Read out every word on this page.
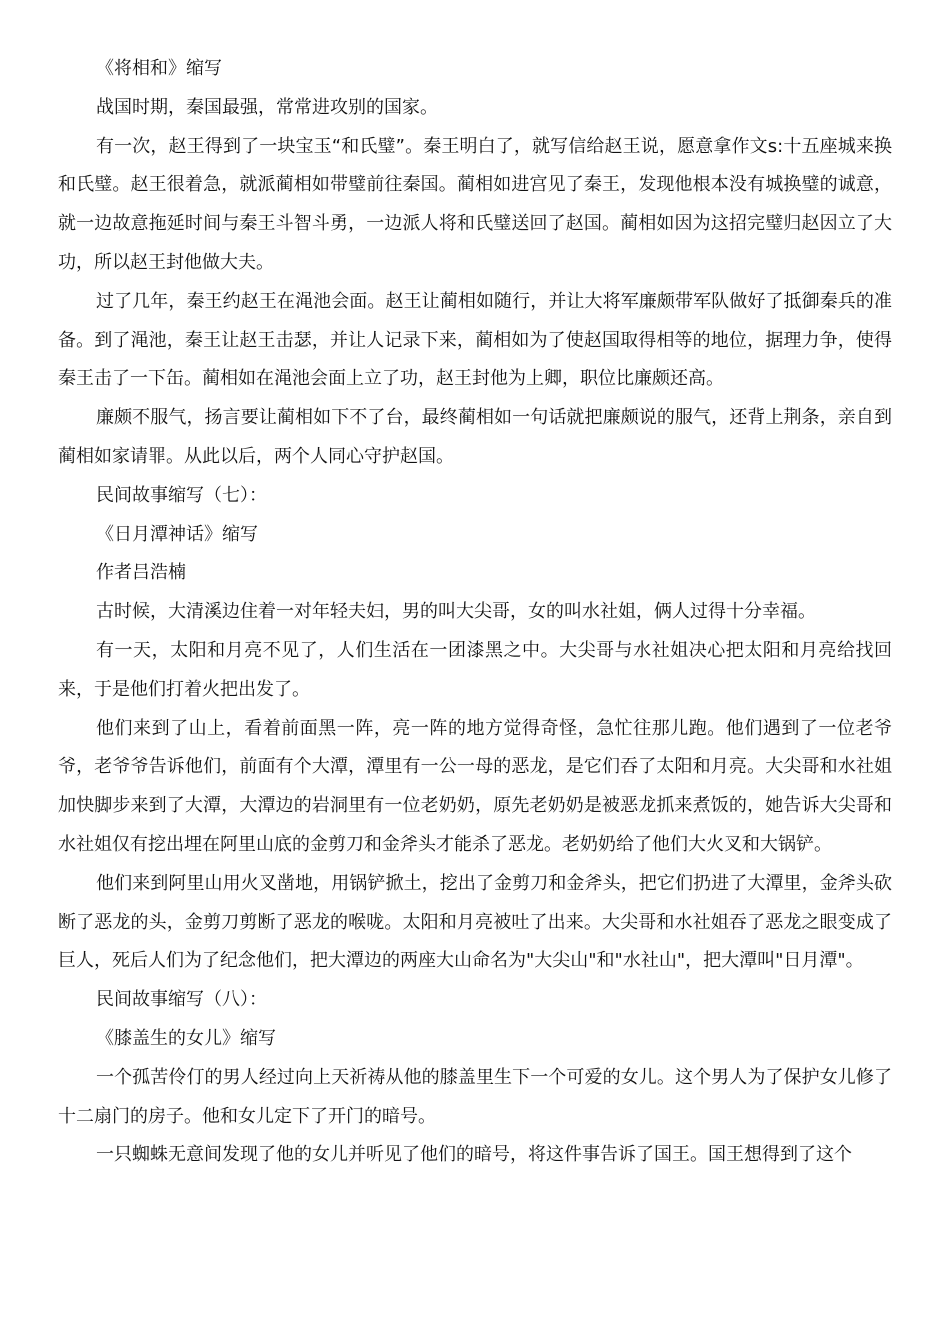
《将相和》缩写

战国时期，秦国最强，常常进攻别的国家。

有一次，赵王得到了一块宝玉“和氏璧”。秦王明白了，就写信给赵王说，愿意拿作文s:十五座城来换和氏璧。赵王很着急，就派蔺相如带璧前往秦国。蔺相如进宫见了秦王，发现他根本没有城换璧的诚意，就一边故意拖延时间与秦王斗智斗勇，一边派人将和氏璧送回了赵国。蔺相如因为这招完璧归赵因立了大功，所以赵王封他做大夫。

过了几年，秦王约赵王在渑池会面。赵王让蔺相如随行，并让大将军廉颇带军队做好了抵御秦兵的准备。到了渑池，秦王让赵王击瑟，并让人记录下来，蔺相如为了使赵国取得相等的地位，据理力争，使得秦王击了一下缶。蔺相如在渑池会面上立了功，赵王封他为上卿，职位比廉颇还高。

廉颇不服气，扬言要让蔺相如下不了台，最终蔺相如一句话就把廉颇说的服气，还背上荆条，亲自到蔺相如家请罪。从此以后，两个人同心守护赵国。

民间故事缩写（七）：

《日月潭神话》缩写

作者吕浩楠

古时候，大清溪边住着一对年轻夫妇，男的叫大尖哥，女的叫水社姐，俩人过得十分幸福。

有一天，太阳和月亮不见了，人们生活在一团漆黑之中。大尖哥与水社姐决心把太阳和月亮给找回来，于是他们打着火把出发了。

他们来到了山上，看着前面黑一阵，亮一阵的地方觉得奇怪，急忙往那儿跑。他们遇到了一位老爷爷，老爷爷告诉他们，前面有个大潭，潭里有一公一母的恶龙，是它们吞了太阳和月亮。大尖哥和水社姐加快脚步来到了大潭，大潭边的岩洞里有一位老奶奶，原先老奶奶是被恶龙抓来煮饭的，她告诉大尖哥和水社姐仅有挖出埋在阿里山底的金剪刀和金斧头才能杀了恶龙。老奶奶给了他们大火叉和大锅铲。

他们来到阿里山用火叉凿地，用锅铲掀土，挖出了金剪刀和金斧头，把它们扔进了大潭里，金斧头砍断了恶龙的头，金剪刀剪断了恶龙的喉咙。太阳和月亮被吐了出来。大尖哥和水社姐吞了恶龙之眼变成了巨人，死后人们为了纪念他们，把大潭边的两座大山命名为"大尖山"和"水社山"，把大潭叫"日月潭"。

民间故事缩写（八）：

《膝盖生的女儿》缩写

一个孤苦伶仃的男人经过向上天祈祷从他的膝盖里生下一个可爱的女儿。这个男人为了保护女儿修了十二扇门的房子。他和女儿定下了开门的暗号。

一只蜘蛛无意间发现了他的女儿并听见了他们的暗号，将这件事告诉了国王。国王想得到了这个
